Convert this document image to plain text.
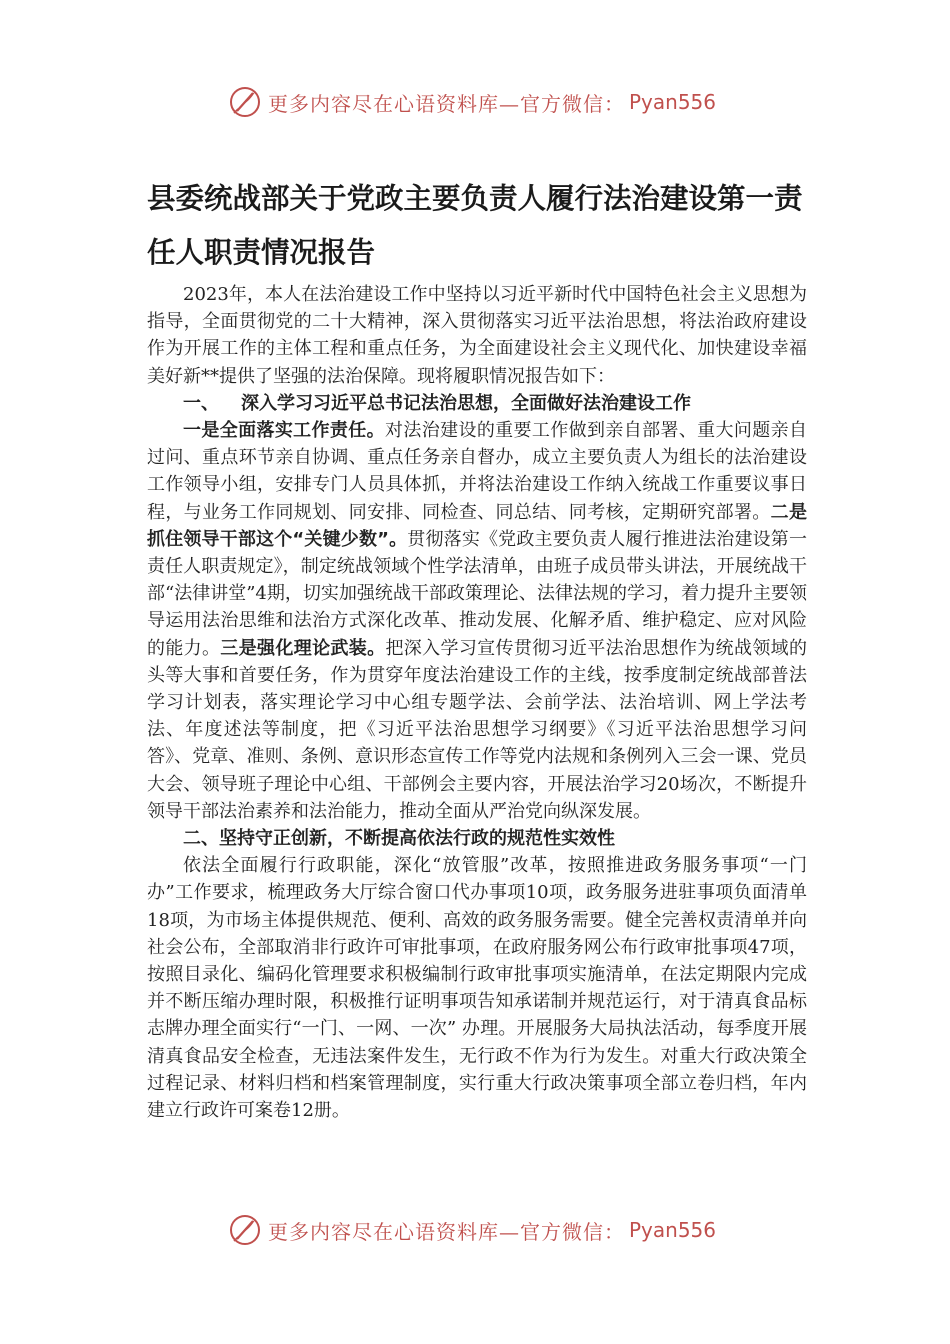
更多内容尽在心语资料库—官方微信： Pyan556
县委统战部关于党政主要负责人履行法治建设第一责任人职责情况报告

2023年，本人在法治建设工作中坚持以习近平新时代中国特色社会主义思想为指导，全面贯彻党的二十大精神，深入贯彻落实习近平法治思想，将法治政府建设作为开展工作的主体工程和重点任务，为全面建设社会主义现代化、加快建设幸福美好新**提供了坚强的法治保障。现将履职情况报告如下：

一、 深入学习习近平总书记法治思想，全面做好法治建设工作

一是全面落实工作责任。对法治建设的重要工作做到亲自部署、重大问题亲自过问、重点环节亲自协调、重点任务亲自督办，成立主要负责人为组长的法治建设工作领导小组，安排专门人员具体抓，并将法治建设工作纳入统战工作重要议事日程，与业务工作同规划、同安排、同检查、同总结、同考核，定期研究部署。二是抓住领导干部这个“关键少数”。贯彻落实《党政主要负责人履行推进法治建设第一责任人职责规定》，制定统战领域个性学法清单，由班子成员带头讲法，开展统战干部“法律讲堂”4期，切实加强统战干部政策理论、法律法规的学习，着力提升主要领导运用法治思维和法治方式深化改革、推动发展、化解矛盾、维护稳定、应对风险的能力。三是强化理论武装。把深入学习宣传贯彻习近平法治思想作为统战领域的头等大事和首要任务，作为贯穿年度法治建设工作的主线，按季度制定统战部普法学习计划表，落实理论学习中心组专题学法、会前学法、法治培训、网上学法考法、年度述法等制度，把《习近平法治思想学习纲要》《习近平法治思想学习问答》、党章、准则、条例、意识形态宣传工作等党内法规和条例列入三会一课、党员大会、领导班子理论中心组、干部例会主要内容，开展法治学习20场次，不断提升领导干部法治素养和法治能力，推动全面从严治党向纵深发展。

二、坚持守正创新，不断提高依法行政的规范性实效性

依法全面履行行政职能，深化“放管服”改革，按照推进政务服务事项“一门办”工作要求，梳理政务大厅综合窗口代办事项10项，政务服务进驻事项负面清单18项，为市场主体提供规范、便利、高效的政务服务需要。健全完善权责清单并向社会公布，全部取消非行政许可审批事项，在政府服务网公布行政审批事项47项，按照目录化、编码化管理要求积极编制行政审批事项实施清单，在法定期限内完成并不断压缩办理时限，积极推行证明事项告知承诺制并规范运行，对于清真食品标志牌办理全面实行“一门、一网、一次” 办理。开展服务大局执法活动，每季度开展清真食品安全检查，无违法案件发生，无行政不作为行为发生。对重大行政决策全过程记录、材料归档和档案管理制度，实行重大行政决策事项全部立卷归档，年内建立行政许可案卷12册。

更多内容尽在心语资料库—官方微信： Pyan556
